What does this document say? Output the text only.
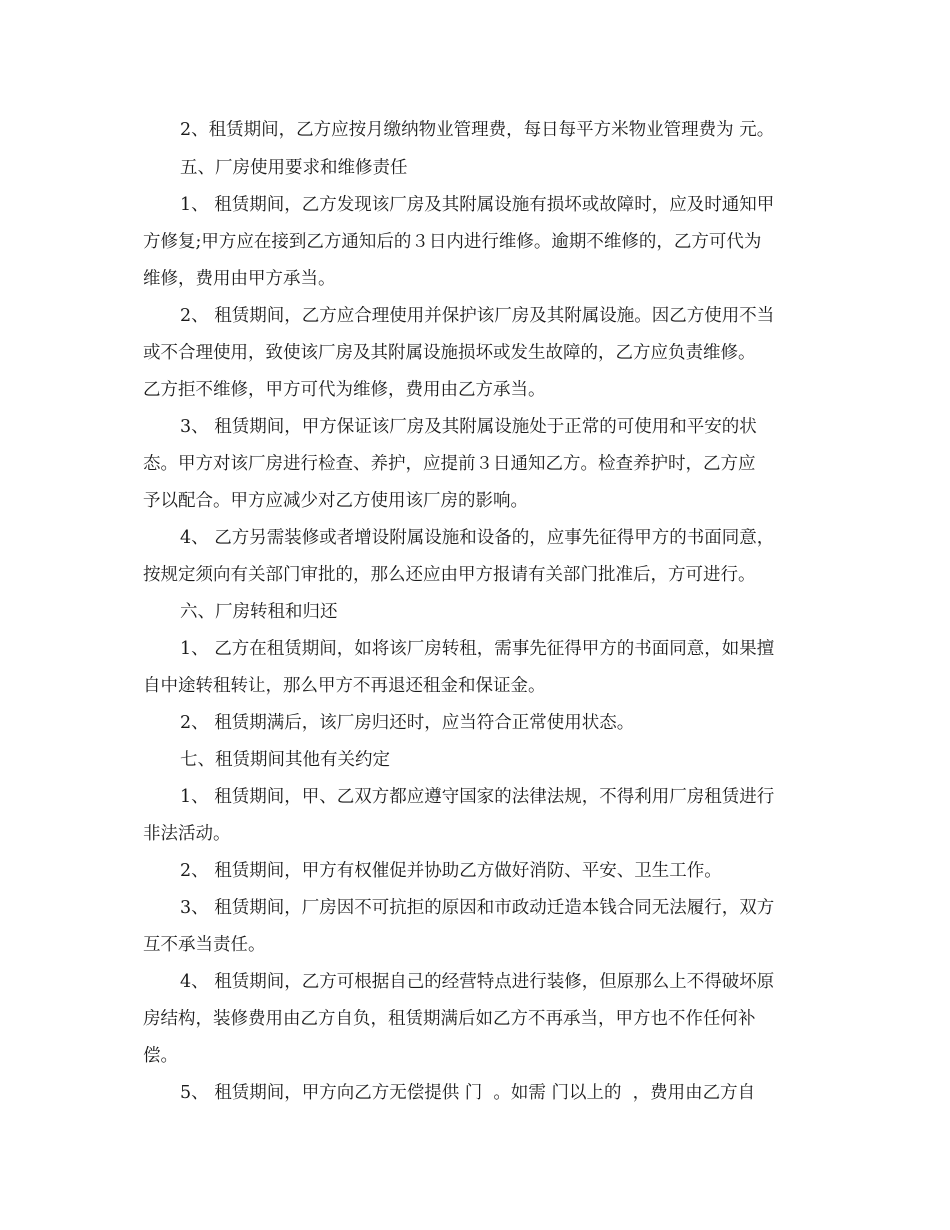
2、租赁期间，乙方应按月缴纳物业管理费，每日每平方米物业管理费为 元。
五、厂房使用要求和维修责任
1、 租赁期间，乙方发现该厂房及其附属设施有损坏或故障时，应及时通知甲
方修复;甲方应在接到乙方通知后的３日内进行维修。逾期不维修的，乙方可代为
维修，费用由甲方承当。
2、 租赁期间，乙方应合理使用并保护该厂房及其附属设施。因乙方使用不当
或不合理使用，致使该厂房及其附属设施损坏或发生故障的，乙方应负责维修。
乙方拒不维修，甲方可代为维修，费用由乙方承当。
3、 租赁期间，甲方保证该厂房及其附属设施处于正常的可使用和平安的状
态。甲方对该厂房进行检查、养护，应提前３日通知乙方。检查养护时，乙方应
予以配合。甲方应减少对乙方使用该厂房的影响。
4、 乙方另需装修或者增设附属设施和设备的，应事先征得甲方的书面同意，
按规定须向有关部门审批的，那么还应由甲方报请有关部门批准后，方可进行。
六、厂房转租和归还
1、 乙方在租赁期间，如将该厂房转租，需事先征得甲方的书面同意，如果擅
自中途转租转让，那么甲方不再退还租金和保证金。
2、 租赁期满后，该厂房归还时，应当符合正常使用状态。
七、租赁期间其他有关约定
1、 租赁期间，甲、乙双方都应遵守国家的法律法规，不得利用厂房租赁进行
非法活动。
2、 租赁期间，甲方有权催促并协助乙方做好消防、平安、卫生工作。
3、 租赁期间，厂房因不可抗拒的原因和市政动迁造本钱合同无法履行，双方
互不承当责任。
4、 租赁期间，乙方可根据自己的经营特点进行装修，但原那么上不得破坏原
房结构，装修费用由乙方自负，租赁期满后如乙方不再承当，甲方也不作任何补
偿。
5、 租赁期间，甲方向乙方无偿提供 门  。如需 门以上的  ，费用由乙方自
